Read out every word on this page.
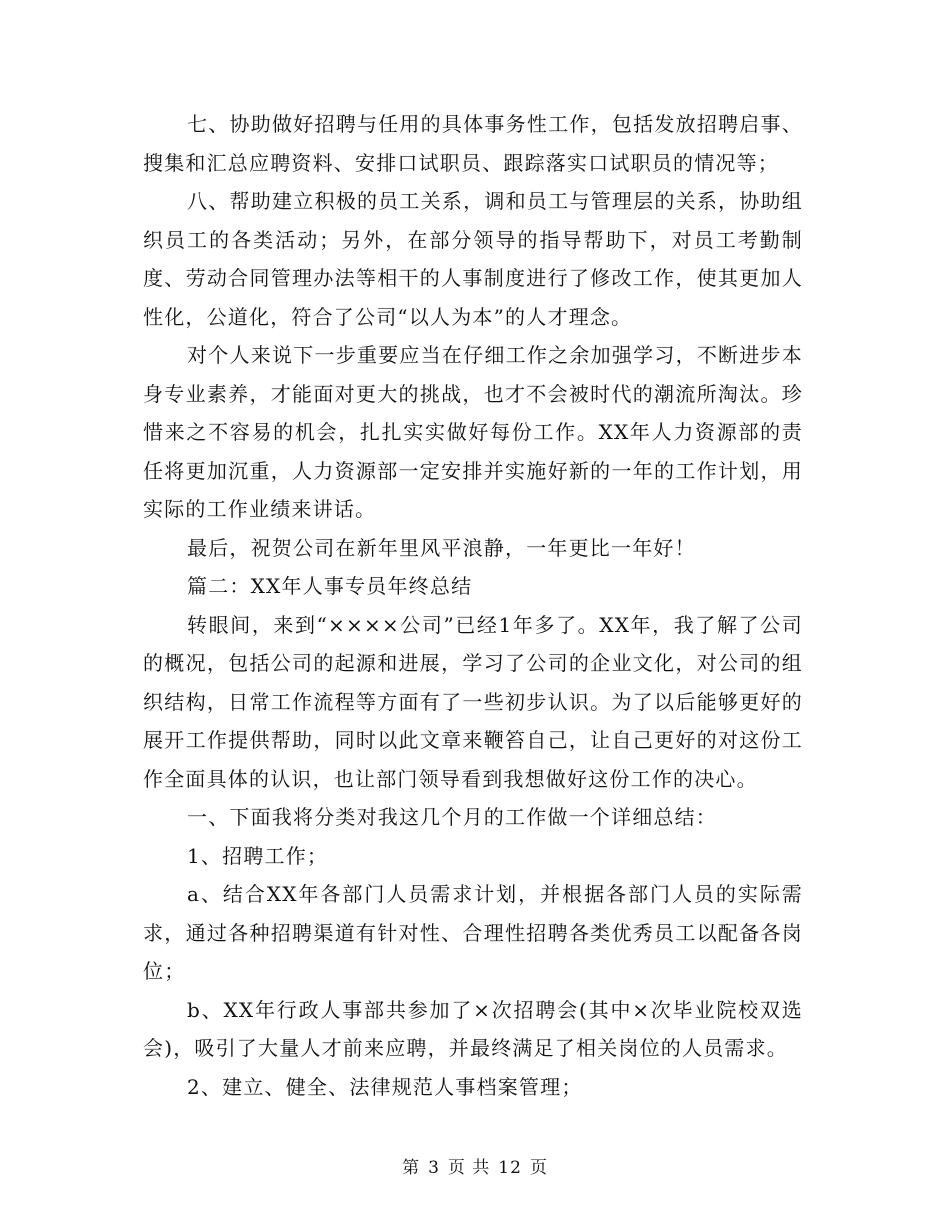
七、协助做好招聘与任用的具体事务性工作，包括发放招聘启事、搜集和汇总应聘资料、安排口试职员、跟踪落实口试职员的情况等；

八、帮助建立积极的员工关系，调和员工与管理层的关系，协助组织员工的各类活动；另外，在部分领导的指导帮助下，对员工考勤制度、劳动合同管理办法等相干的人事制度进行了修改工作，使其更加人性化，公道化，符合了公司“以人为本”的人才理念。

对个人来说下一步重要应当在仔细工作之余加强学习，不断进步本身专业素养，才能面对更大的挑战，也才不会被时代的潮流所淘汰。珍惜来之不容易的机会，扎扎实实做好每份工作。XX年人力资源部的责任将更加沉重，人力资源部一定安排并实施好新的一年的工作计划，用实际的工作业绩来讲话。

最后，祝贺公司在新年里风平浪静，一年更比一年好！

篇二：XX年人事专员年终总结

转眼间，来到“××××公司”已经1年多了。XX年，我了解了公司的概况，包括公司的起源和进展，学习了公司的企业文化，对公司的组织结构，日常工作流程等方面有了一些初步认识。为了以后能够更好的展开工作提供帮助，同时以此文章来鞭笞自己，让自己更好的对这份工作全面具体的认识，也让部门领导看到我想做好这份工作的决心。

一、下面我将分类对我这几个月的工作做一个详细总结：

1、招聘工作；

a、结合XX年各部门人员需求计划，并根据各部门人员的实际需求，通过各种招聘渠道有针对性、合理性招聘各类优秀员工以配备各岗位；

b、XX年行政人事部共参加了×次招聘会(其中×次毕业院校双选会)，吸引了大量人才前来应聘，并最终满足了相关岗位的人员需求。

2、建立、健全、法律规范人事档案管理；

第 3 页 共 12 页
